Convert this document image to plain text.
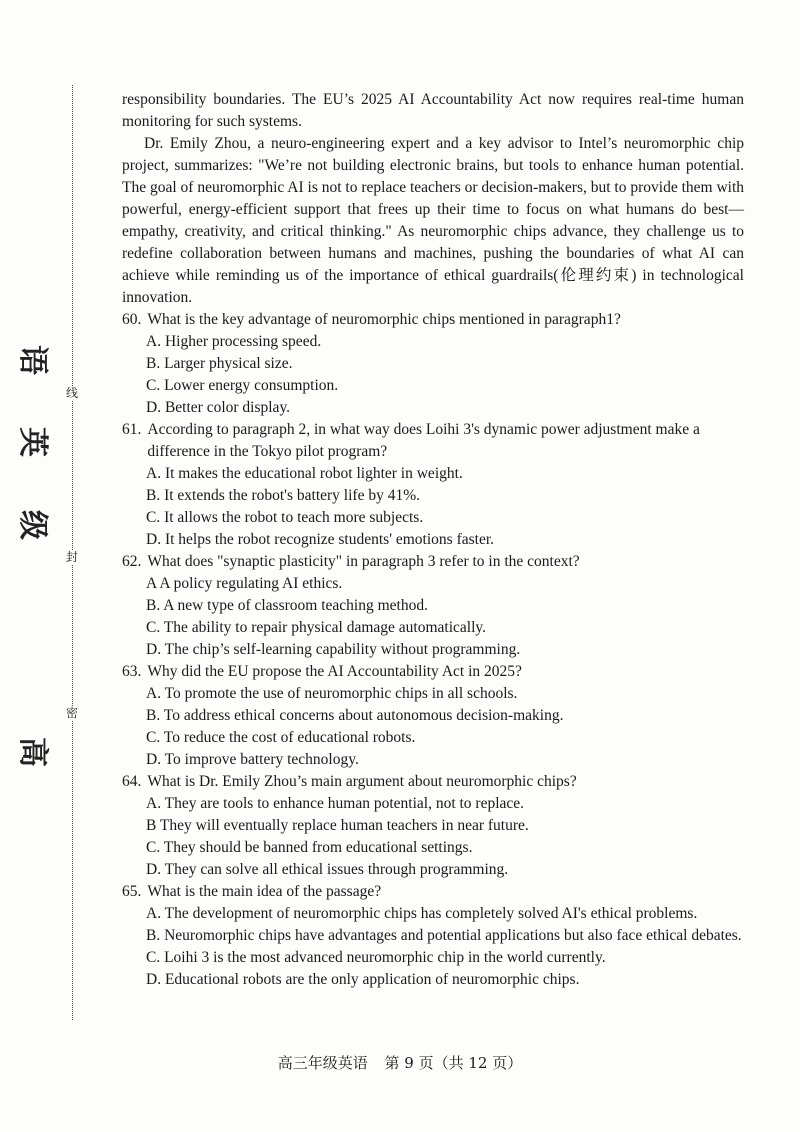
线
封
密
语
英
级
高

responsibility boundaries. The EU’s 2025 AI Accountability Act now requires real-time human monitoring for such systems.

Dr. Emily Zhou, a neuro-engineering expert and a key advisor to Intel’s neuromorphic chip project, summarizes: "We’re not building electronic brains, but tools to enhance human potential. The goal of neuromorphic AI is not to replace teachers or decision-makers, but to provide them with powerful, energy-efficient support that frees up their time to focus on what humans do best—empathy, creativity, and critical thinking." As neuromorphic chips advance, they challenge us to redefine collaboration between humans and machines, pushing the boundaries of what AI can achieve while reminding us of the importance of ethical guardrails(伦理约束) in technological innovation.

60. What is the key advantage of neuromorphic chips mentioned in paragraph1?
A. Higher processing speed.
B. Larger physical size.
C. Lower energy consumption.
D. Better color display.
61. According to paragraph 2, in what way does Loihi 3's dynamic power adjustment make a difference in the Tokyo pilot program?
A. It makes the educational robot lighter in weight.
B. It extends the robot's battery life by 41%.
C. It allows the robot to teach more subjects.
D. It helps the robot recognize students' emotions faster.
62. What does "synaptic plasticity" in paragraph 3 refer to in the context?
A A policy regulating AI ethics.
B. A new type of classroom teaching method.
C. The ability to repair physical damage automatically.
D. The chip’s self-learning capability without programming.
63. Why did the EU propose the AI Accountability Act in 2025?
A. To promote the use of neuromorphic chips in all schools.
B. To address ethical concerns about autonomous decision-making.
C. To reduce the cost of educational robots.
D. To improve battery technology.
64. What is Dr. Emily Zhou’s main argument about neuromorphic chips?
A. They are tools to enhance human potential, not to replace.
B They will eventually replace human teachers in near future.
C. They should be banned from educational settings.
D. They can solve all ethical issues through programming.
65. What is the main idea of the passage?
A. The development of neuromorphic chips has completely solved AI's ethical problems.
B. Neuromorphic chips have advantages and potential applications but also face ethical debates.
C. Loihi 3 is the most advanced neuromorphic chip in the world currently.
D. Educational robots are the only application of neuromorphic chips.
高三年级英语 第 9 页（共 12 页）
